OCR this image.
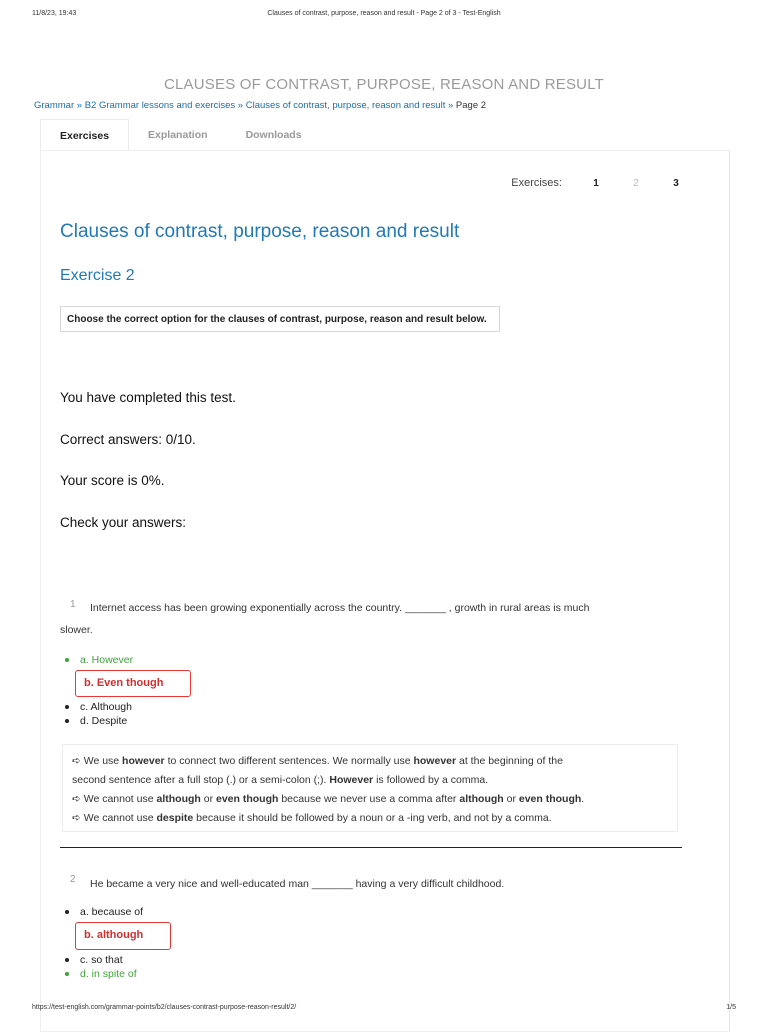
11/8/23, 19:43	Clauses of contrast, purpose, reason and result - Page 2 of 3 - Test-English
CLAUSES OF CONTRAST, PURPOSE, REASON AND RESULT
Grammar » B2 Grammar lessons and exercises » Clauses of contrast, purpose, reason and result » Page 2
Exercises	Explanation	Downloads
Exercises:	1	2	3
Clauses of contrast, purpose, reason and result
Exercise 2
Choose the correct option for the clauses of contrast, purpose, reason and result below.
You have completed this test.
Correct answers: 0/10.
Your score is 0%.
Check your answers:
1	Internet access has been growing exponentially across the country. _______ , growth in rural areas is much
slower.
a. However
b. Even though
c. Although
d. Despite
➪ We use however to connect two different sentences. We normally use however at the beginning of the
second sentence after a full stop (.) or a semi-colon (;). However is followed by a comma.
➪ We cannot use although or even though because we never use a comma after although or even though.
➪ We cannot use despite because it should be followed by a noun or a -ing verb, and not by a comma.
2	He became a very nice and well-educated man _______ having a very difficult childhood.
a. because of
b. although
c. so that
d. in spite of
https://test-english.com/grammar-points/b2/clauses-contrast-purpose-reason-result/2/	1/5
